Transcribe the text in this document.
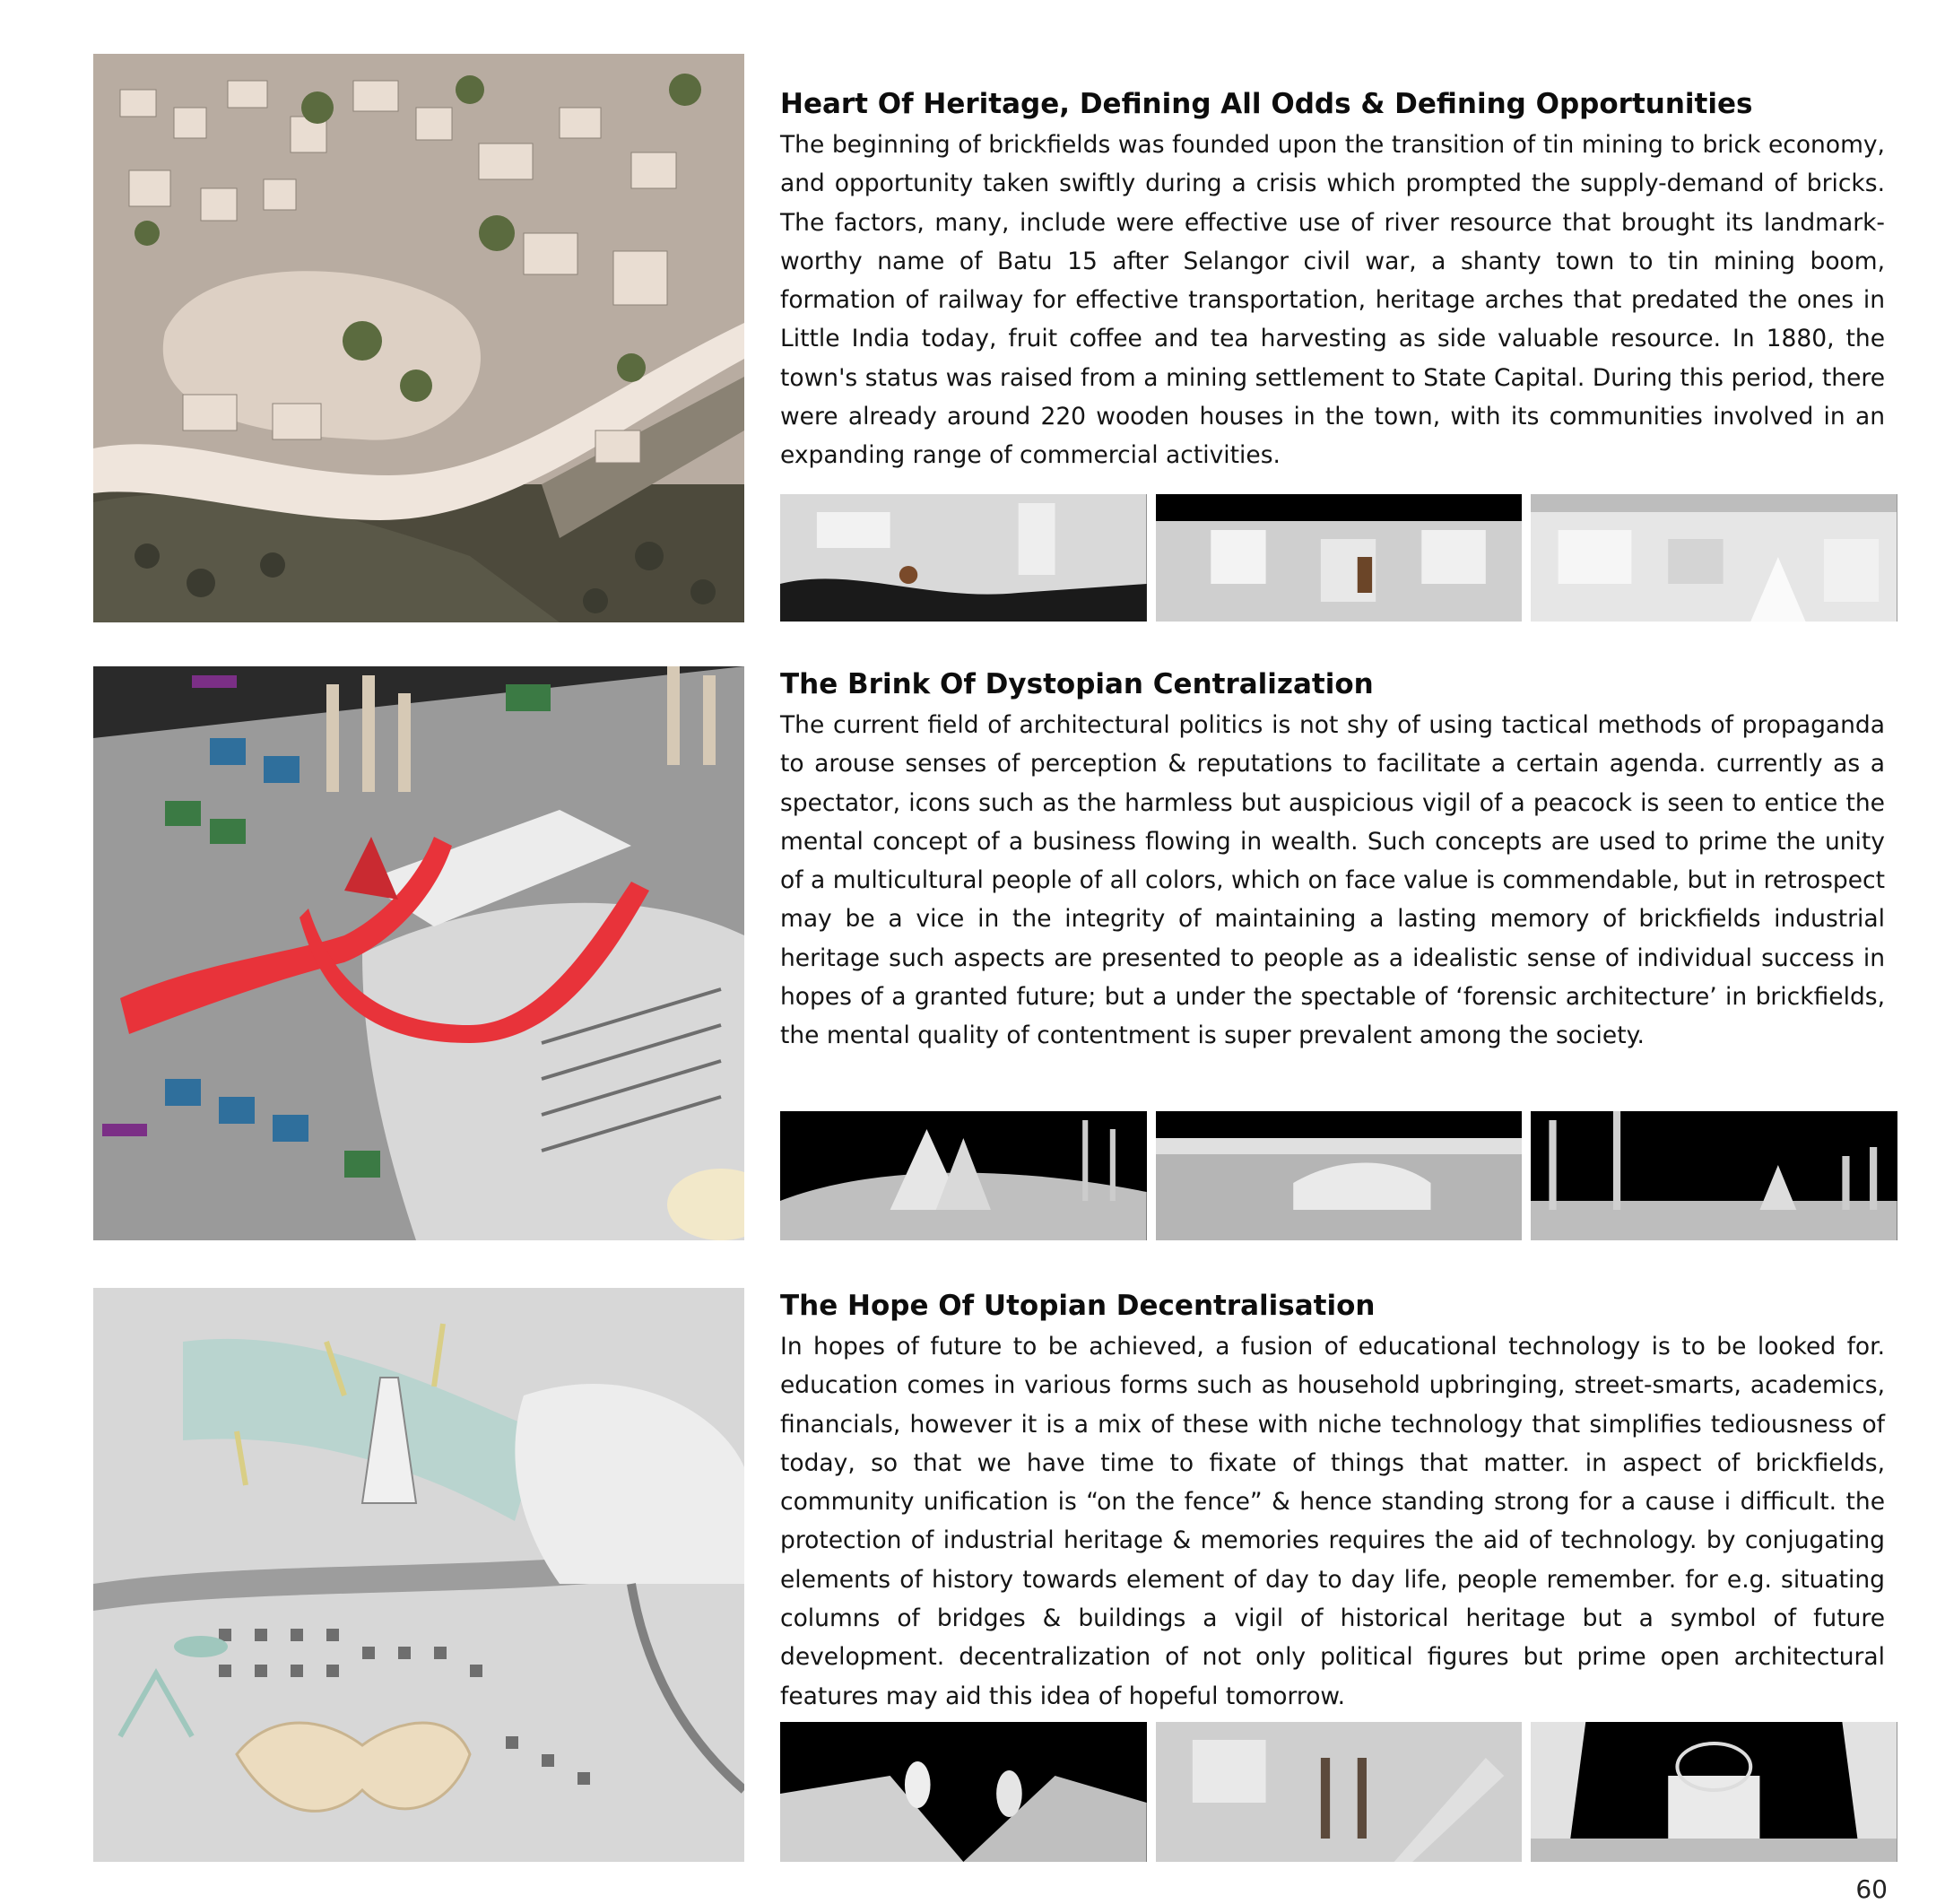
Heart Of Heritage, Defining All Odds & Defining Opportunities

The beginning of brickfields was founded upon the transition of tin mining to brick economy, and opportunity taken swiftly during a crisis which prompted the supply-demand of bricks. The factors, many, include were effective use of river resource that brought its landmark-worthy name of Batu 15 after Selangor civil war, a shanty town to tin mining boom, formation of railway for effective transportation, heritage arches that predated the ones in Little India today, fruit coffee and tea harvesting as side valuable resource. In 1880, the town's status was raised from a mining settlement to State Capital. During this period, there were already around 220 wooden houses in the town, with its communities involved in an expanding range of commercial activities.

The Brink Of Dystopian Centralization

The current field of architectural politics is not shy of using tactical methods of propaganda to arouse senses of perception & reputations to facilitate a certain agenda. currently as a spectator, icons such as the harmless but auspicious vigil of a peacock is seen to entice the mental concept of a business flowing in wealth. Such concepts are used to prime the unity of a multicultural people of all colors, which on face value is commendable, but in retrospect may be a vice in the integrity of maintaining a lasting memory of brickfields industrial heritage such aspects are presented to people as a idealistic sense of individual success in hopes of a granted future; but a under the spectable of ‘forensic architecture’ in brickfields, the mental quality of contentment is super prevalent among the society.

The Hope Of Utopian Decentralisation

In hopes of future to be achieved, a fusion of educational technology is to be looked for. education comes in various forms such as household upbringing, street-smarts, academics, financials, however it is a mix of these with niche technology that simplifies tediousness of today, so that we have time to fixate of things that matter. in aspect of brickfields, community unification is “on the fence” & hence standing strong for a cause i difficult. the protection of industrial heritage & memories requires the aid of technology. by conjugating elements of history towards element of day to day life, people remember. for e.g. situating columns of bridges & buildings a vigil of historical heritage but a symbol of future development. decentralization of not only political figures but prime open architectural features may aid this idea of hopeful tomorrow.

60
